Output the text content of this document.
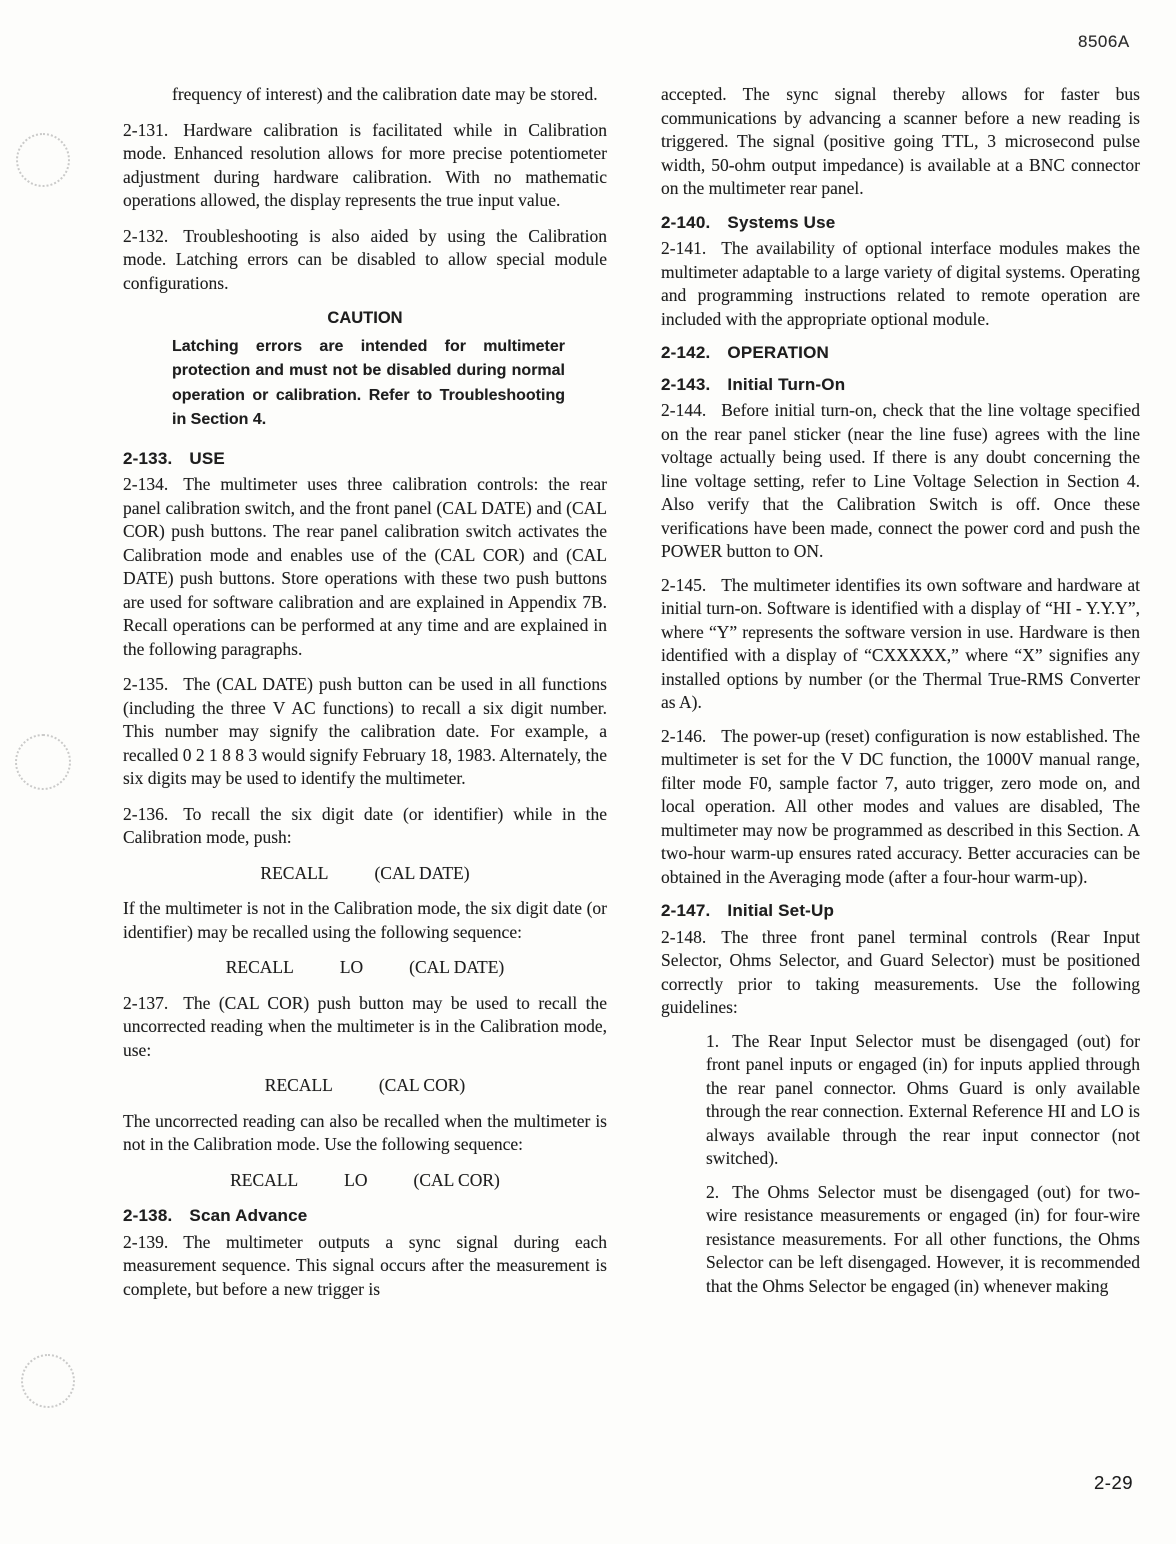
8506A

frequency of interest) and the calibration date may be stored.

2-131. Hardware calibration is facilitated while in Calibration mode. Enhanced resolution allows for more precise potentiometer adjustment during hardware calibration. With no mathematic operations allowed, the display represents the true input value.

2-132. Troubleshooting is also aided by using the Calibration mode. Latching errors can be disabled to allow special module configurations.

CAUTION

Latching errors are intended for multimeter protection and must not be disabled during normal operation or calibration. Refer to Troubleshooting in Section 4.

2-133. USE

2-134. The multimeter uses three calibration controls: the rear panel calibration switch, and the front panel (CAL DATE) and (CAL COR) push buttons. The rear panel calibration switch activates the Calibration mode and enables use of the (CAL COR) and (CAL DATE) push buttons. Store operations with these two push buttons are used for software calibration and are explained in Appendix 7B. Recall operations can be performed at any time and are explained in the following paragraphs.

2-135. The (CAL DATE) push button can be used in all functions (including the three V AC functions) to recall a six digit number. This number may signify the calibration date. For example, a recalled 0 2 1 8 8 3 would signify February 18, 1983. Alternately, the six digits may be used to identify the multimeter.

2-136. To recall the six digit date (or identifier) while in the Calibration mode, push:

RECALL	(CAL DATE)

If the multimeter is not in the Calibration mode, the six digit date (or identifier) may be recalled using the following sequence:

RECALL	LO	(CAL DATE)

2-137. The (CAL COR) push button may be used to recall the uncorrected reading when the multimeter is in the Calibration mode, use:

RECALL	(CAL COR)

The uncorrected reading can also be recalled when the multimeter is not in the Calibration mode. Use the following sequence:

RECALL	LO	(CAL COR)

2-138. Scan Advance

2-139. The multimeter outputs a sync signal during each measurement sequence. This signal occurs after the measurement is complete, but before a new trigger is

accepted. The sync signal thereby allows for faster bus communications by advancing a scanner before a new reading is triggered. The signal (positive going TTL, 3 microsecond pulse width, 50-ohm output impedance) is available at a BNC connector on the multimeter rear panel.

2-140. Systems Use

2-141. The availability of optional interface modules makes the multimeter adaptable to a large variety of digital systems. Operating and programming instructions related to remote operation are included with the appropriate optional module.

2-142. OPERATION

2-143. Initial Turn-On

2-144. Before initial turn-on, check that the line voltage specified on the rear panel sticker (near the line fuse) agrees with the line voltage actually being used. If there is any doubt concerning the line voltage setting, refer to Line Voltage Selection in Section 4. Also verify that the Calibration Switch is off. Once these verifications have been made, connect the power cord and push the POWER button to ON.

2-145. The multimeter identifies its own software and hardware at initial turn-on. Software is identified with a display of “HI - Y.Y.Y”, where “Y” represents the software version in use. Hardware is then identified with a display of “CXXXXX,” where “X” signifies any installed options by number (or the Thermal True-RMS Converter as A).

2-146. The power-up (reset) configuration is now established. The multimeter is set for the V DC function, the 1000V manual range, filter mode F0, sample factor 7, auto trigger, zero mode on, and local operation. All other modes and values are disabled, The multimeter may now be programmed as described in this Section. A two-hour warm-up ensures rated accuracy. Better accuracies can be obtained in the Averaging mode (after a four-hour warm-up).

2-147. Initial Set-Up

2-148. The three front panel terminal controls (Rear Input Selector, Ohms Selector, and Guard Selector) must be positioned correctly prior to taking measurements. Use the following guidelines:

1. The Rear Input Selector must be disengaged (out) for front panel inputs or engaged (in) for inputs applied through the rear panel connector. Ohms Guard is only available through the rear connection. External Reference HI and LO is always available through the rear input connector (not switched).

2. The Ohms Selector must be disengaged (out) for two-wire resistance measurements or engaged (in) for four-wire resistance measurements. For all other functions, the Ohms Selector can be left disengaged. However, it is recommended that the Ohms Selector be engaged (in) whenever making

2-29
